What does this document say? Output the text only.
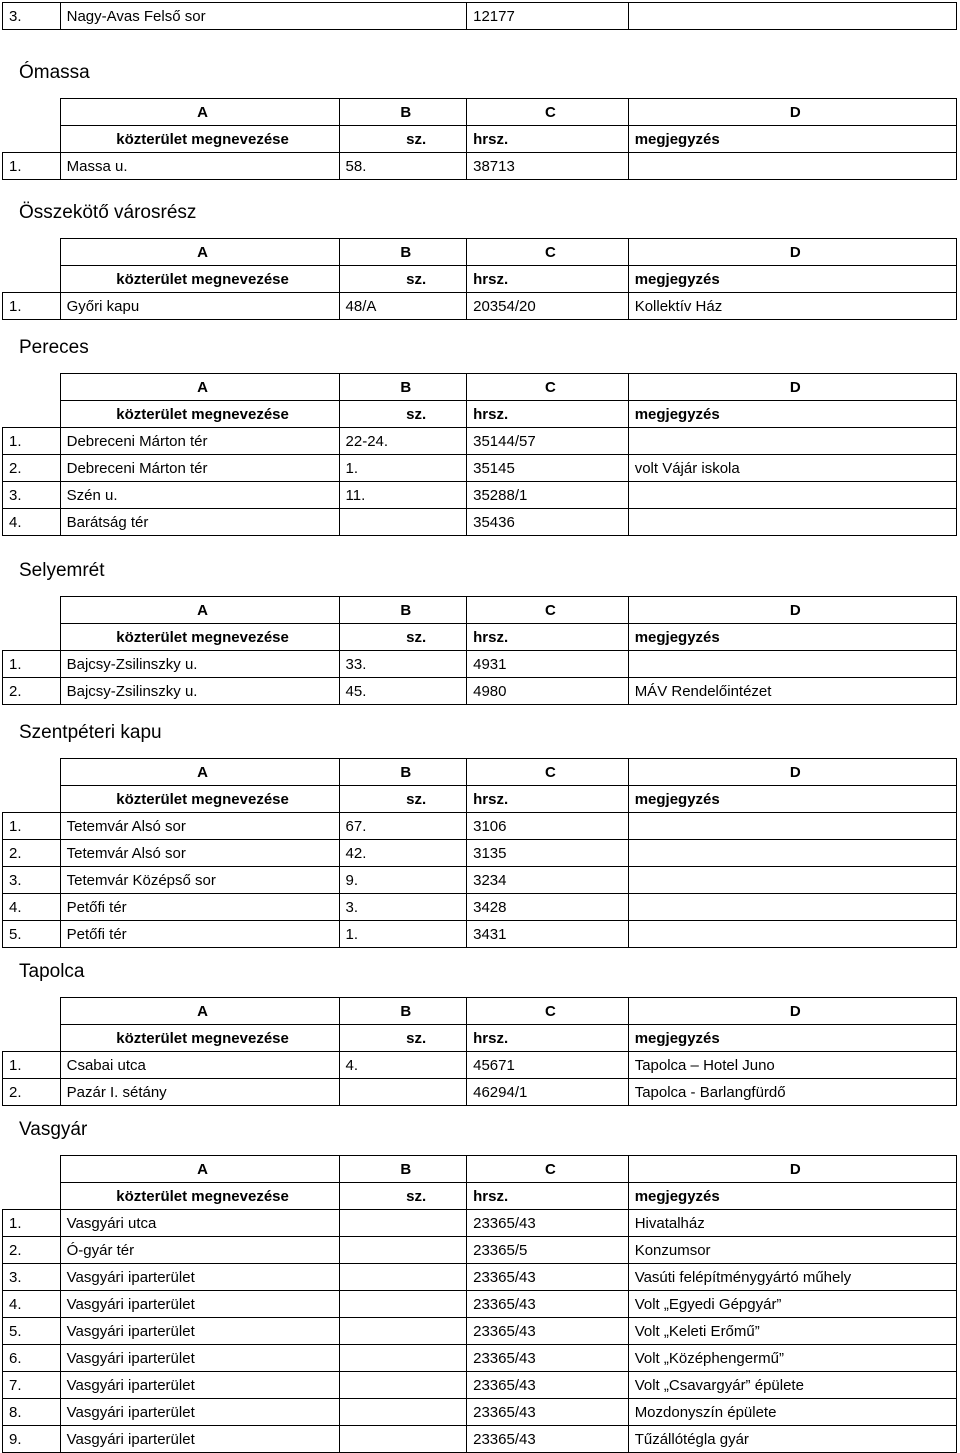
3.	Nagy-Avas Felső sor	12177	
Ómassa
	A	B	C	D
	közterület megnevezése	sz.	hrsz.	megjegyzés
1.	Massa u.	58.	38713	
Összekötő városrész
	A	B	C	D
	közterület megnevezése	sz.	hrsz.	megjegyzés
1.	Győri kapu	48/A	20354/20	Kollektív Ház
Pereces
	A	B	C	D
	közterület megnevezése	sz.	hrsz.	megjegyzés
1.	Debreceni Márton tér	22-24.	35144/57	
2.	Debreceni Márton tér	1.	35145	volt Vájár iskola
3.	Szén u.	11.	35288/1	
4.	Barátság tér		35436	
Selyemrét
	A	B	C	D
	közterület megnevezése	sz.	hrsz.	megjegyzés
1.	Bajcsy-Zsilinszky u.	33.	4931	
2.	Bajcsy-Zsilinszky u.	45.	4980	MÁV Rendelőintézet
Szentpéteri kapu
	A	B	C	D
	közterület megnevezése	sz.	hrsz.	megjegyzés
1.	Tetemvár Alsó sor	67.	3106	
2.	Tetemvár Alsó sor	42.	3135	
3.	Tetemvár Középső sor	9.	3234	
4.	Petőfi tér	3.	3428	
5.	Petőfi tér	1.	3431	
Tapolca
	A	B	C	D
	közterület megnevezése	sz.	hrsz.	megjegyzés
1.	Csabai utca	4.	45671	Tapolca – Hotel Juno
2.	Pazár I. sétány		46294/1	Tapolca - Barlangfürdő
Vasgyár
	A	B	C	D
	közterület megnevezése	sz.	hrsz.	megjegyzés
1.	Vasgyári utca		23365/43	Hivatalház
2.	Ó-gyár tér		23365/5	Konzumsor
3.	Vasgyári iparterület		23365/43	Vasúti felépítménygyártó műhely
4.	Vasgyári iparterület		23365/43	Volt „Egyedi Gépgyár”
5.	Vasgyári iparterület		23365/43	Volt „Keleti Erőmű”
6.	Vasgyári iparterület		23365/43	Volt „Középhengermű”
7.	Vasgyári iparterület		23365/43	Volt „Csavargyár” épülete
8.	Vasgyári iparterület		23365/43	Mozdonyszín épülete
9.	Vasgyári iparterület		23365/43	Tűzállótégla gyár
